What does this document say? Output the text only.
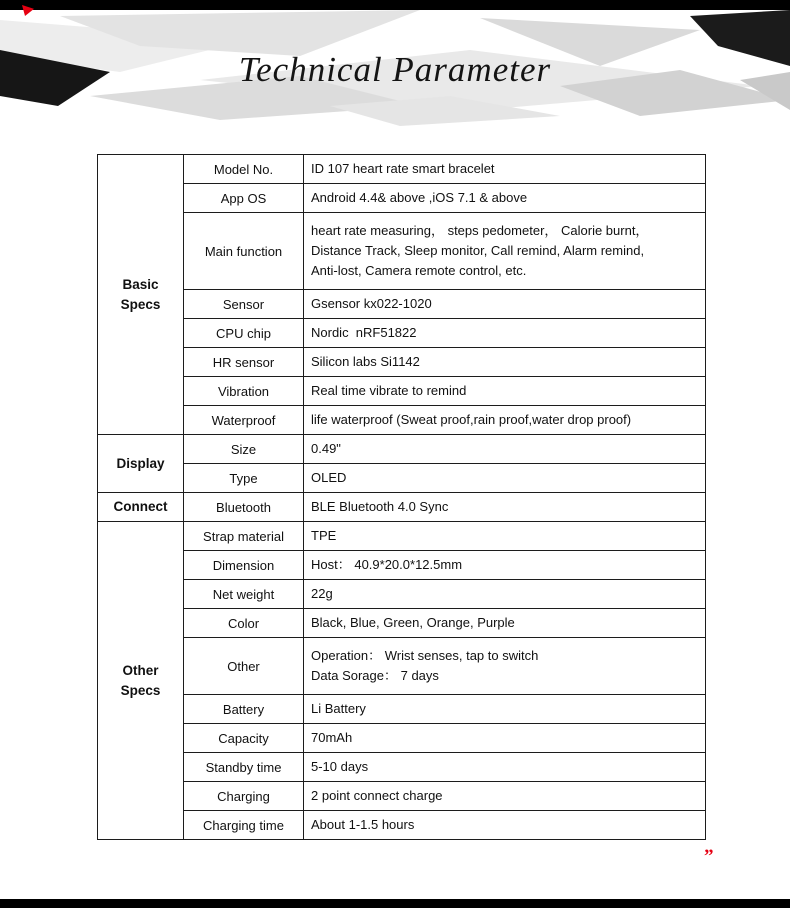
Technical Parameter
Basic
Specs	Model No.	ID 107 heart rate smart bracelet

	App OS	Android 4.4& above ,iOS 7.1 & above

	Main function	heart rate measuring， steps pedometer， Calorie burnt，
Distance Track, Sleep monitor, Call remind, Alarm remind,
Anti-lost, Camera remote control, etc.

	Sensor	Gsensor kx022-1020

	CPU chip	Nordic  nRF51822

	HR sensor	Silicon labs Si1142

	Vibration	Real time vibrate to remind

	Waterproof	life waterproof (Sweat proof,rain proof,water drop proof)

Display	Size	0.49"

	Type	OLED

Connect	Bluetooth	BLE Bluetooth 4.0 Sync

Other
Specs	Strap material	TPE

	Dimension	Host： 40.9*20.0*12.5mm

	Net weight	22g

	Color	Black, Blue, Green, Orange, Purple

	Other	Operation： Wrist senses, tap to switch
Data Sorage： 7 days

	Battery	Li Battery

	Capacity	70mAh

	Standby time	5-10 days

	Charging	2 point connect charge

	Charging time	About 1-1.5 hours
”
